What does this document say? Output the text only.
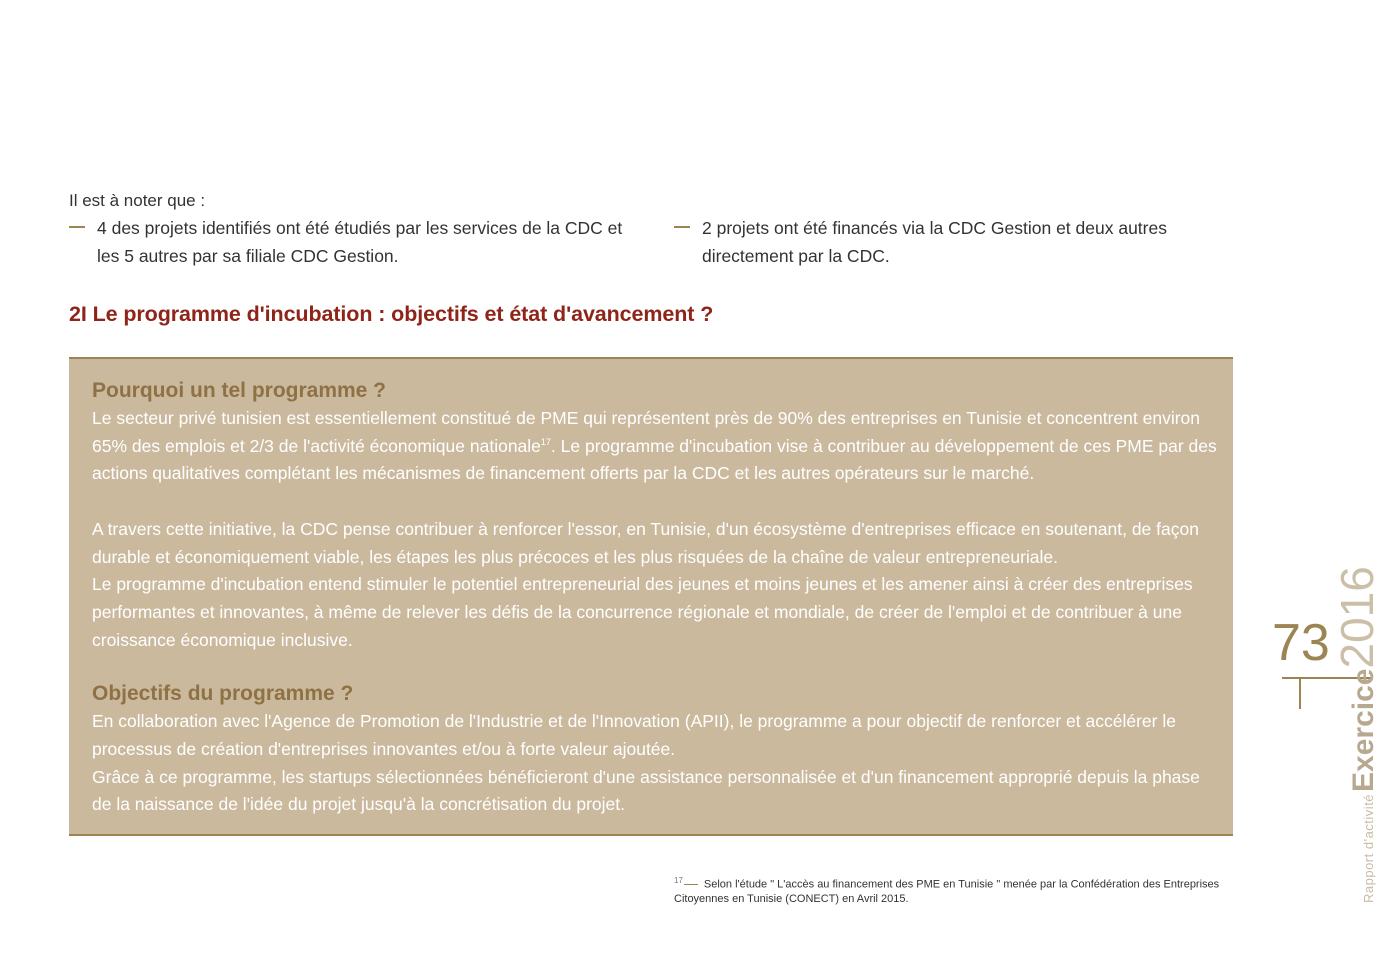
Il est à noter que :
4 des projets identifiés ont été étudiés par les services de la CDC et les 5 autres par sa filiale CDC Gestion.
2 projets ont été financés via la CDC Gestion et deux autres directement par la CDC.
2I Le programme d'incubation : objectifs et état d'avancement ?
Pourquoi un tel programme ?

Le secteur privé tunisien est essentiellement constitué de PME qui représentent près de 90% des entreprises en Tunisie et concentrent environ 65% des emplois et 2/3 de l'activité économique nationale$^{17}$. Le programme d'incubation vise à contribuer au développement de ces PME par des actions qualitatives complétant les mécanismes de financement offerts par la CDC et les autres opérateurs sur le marché.

A travers cette initiative, la CDC pense contribuer à renforcer l'essor, en Tunisie, d'un écosystème d'entreprises efficace en soutenant, de façon durable et économiquement viable, les étapes les plus précoces et les plus risquées de la chaîne de valeur entrepreneuriale.

Le programme d'incubation entend stimuler le potentiel entrepreneurial des jeunes et moins jeunes et les amener ainsi à créer des entreprises performantes et innovantes, à même de relever les défis de la concurrence régionale et mondiale, de créer de l'emploi et de contribuer à une croissance économique inclusive.

Objectifs du programme ?

En collaboration avec l'Agence de Promotion de l'Industrie et de l'Innovation (APII), le programme a pour objectif de renforcer et accélérer le processus de création d'entreprises innovantes et/ou à forte valeur ajoutée.

Grâce à ce programme, les startups sélectionnées bénéficieront d'une assistance personnalisée et d'un financement approprié depuis la phase de la naissance de l'idée du projet jusqu'à la concrétisation du projet.

$^{17}$ Selon l'étude " L'accès au financement des PME en Tunisie " menée par la Confédération des Entreprises Citoyennes en Tunisie (CONECT) en Avril 2015.
73
Rapport d'activitéExercice2016
